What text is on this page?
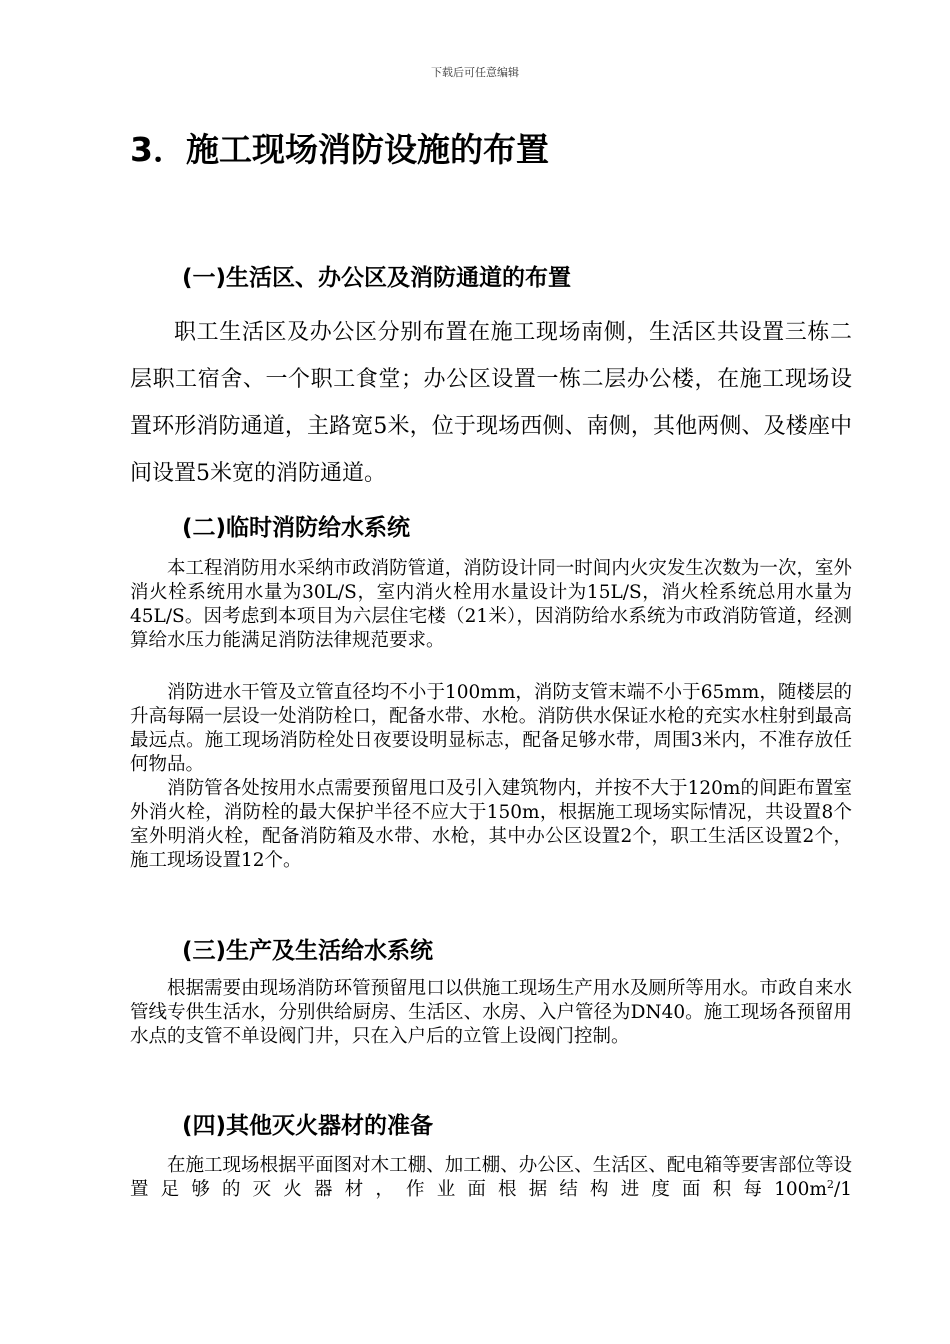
下载后可任意编辑
3．施工现场消防设施的布置
(一)生活区、办公区及消防通道的布置

职工生活区及办公区分别布置在施工现场南侧，生活区共设置三栋二层职工宿舍、一个职工食堂；办公区设置一栋二层办公楼，在施工现场设置环形消防通道，主路宽5米，位于现场西侧、南侧，其他两侧、及楼座中间设置5米宽的消防通道。

(二)临时消防给水系统

本工程消防用水采纳市政消防管道，消防设计同一时间内火灾发生次数为一次，室外消火栓系统用水量为30L/S，室内消火栓用水量设计为15L/S，消火栓系统总用水量为45L/S。因考虑到本项目为六层住宅楼（21米），因消防给水系统为市政消防管道，经测算给水压力能满足消防法律规范要求。

消防进水干管及立管直径均不小于100mm，消防支管末端不小于65mm，随楼层的升高每隔一层设一处消防栓口，配备水带、水枪。消防供水保证水枪的充实水柱射到最高最远点。施工现场消防栓处日夜要设明显标志，配备足够水带，周围3米内，不准存放任何物品。

消防管各处按用水点需要预留甩口及引入建筑物内，并按不大于120m的间距布置室外消火栓，消防栓的最大保护半径不应大于150m，根据施工现场实际情况，共设置8个室外明消火栓，配备消防箱及水带、水枪，其中办公区设置2个，职工生活区设置2个，施工现场设置12个。

(三)生产及生活给水系统

根据需要由现场消防环管预留甩口以供施工现场生产用水及厕所等用水。市政自来水管线专供生活水，分别供给厨房、生活区、水房、入户管径为DN40。施工现场各预留用水点的支管不单设阀门井，只在入户后的立管上设阀门控制。

(四)其他灭火器材的准备

在施工现场根据平面图对木工棚、加工棚、办公区、生活区、配电箱等要害部位等设置足够的灭火器材，作业面根据结构进度面积每$100m^2/1$
